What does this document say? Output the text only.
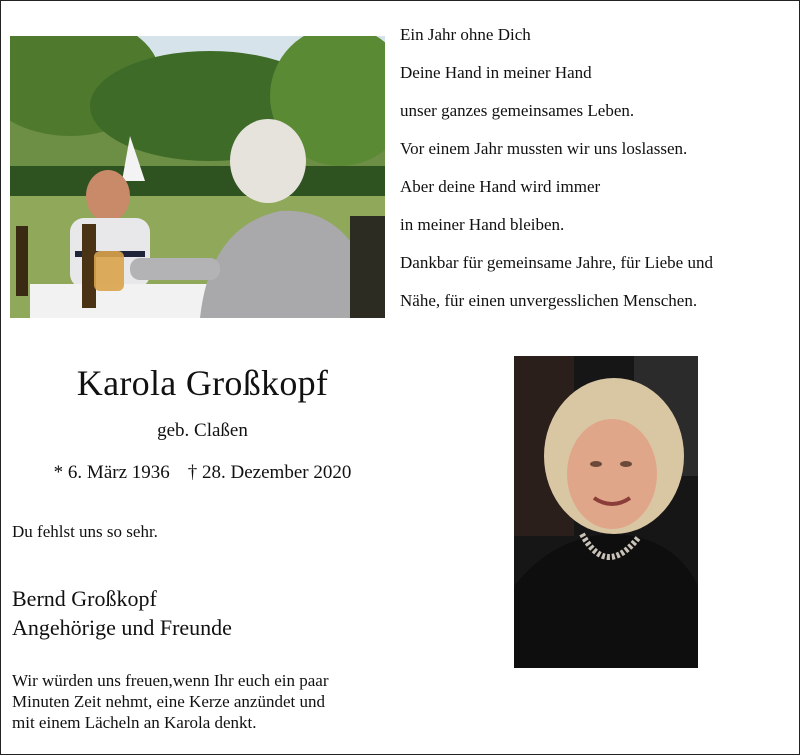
Ein Jahr ohne Dich
Deine Hand in meiner Hand
unser ganzes gemeinsames Leben.
Vor einem Jahr mussten wir uns loslassen.
Aber deine Hand wird immer
in meiner Hand bleiben.
Dankbar für gemeinsame Jahre, für Liebe und
Nähe, für einen unvergesslichen Menschen.
Karola Großkopf
geb. Claßen
* 6. März 1936 † 28. Dezember 2020
Du fehlst uns so sehr.
Bernd Großkopf
Angehörige und Freunde
Wir würden uns freuen,wenn Ihr euch ein paar
Minuten Zeit nehmt, eine Kerze anzündet und
mit einem Lächeln an Karola denkt.
